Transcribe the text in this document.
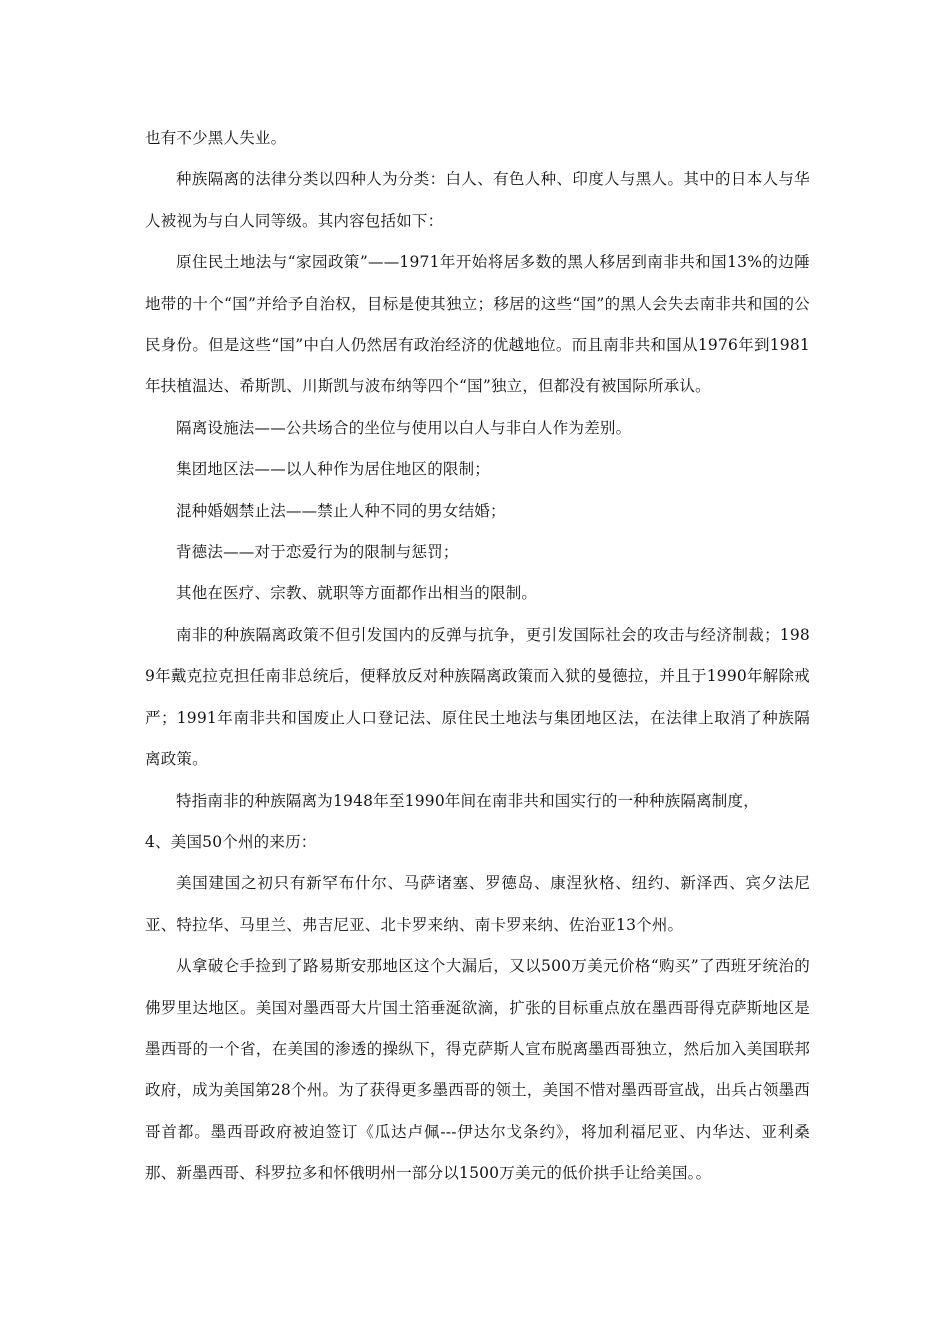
也有不少黑人失业。

种族隔离的法律分类以四种人为分类：白人、有色人种、印度人与黑人。其中的日本人与华人被视为与白人同等级。其内容包括如下：

原住民土地法与“家园政策”——1971年开始将居多数的黑人移居到南非共和国13%的边陲地带的十个“国”并给予自治权，目标是使其独立；移居的这些“国”的黑人会失去南非共和国的公民身份。但是这些“国”中白人仍然居有政治经济的优越地位。而且南非共和国从1976年到1981年扶植温达、希斯凯、川斯凯与波布纳等四个“国”独立，但都没有被国际所承认。

隔离设施法——公共场合的坐位与使用以白人与非白人作为差别。

集团地区法——以人种作为居住地区的限制；

混种婚姻禁止法——禁止人种不同的男女结婚；

背德法——对于恋爱行为的限制与惩罚；

其他在医疗、宗教、就职等方面都作出相当的限制。

南非的种族隔离政策不但引发国内的反弹与抗争，更引发国际社会的攻击与经济制裁；1989年戴克拉克担任南非总统后，便释放反对种族隔离政策而入狱的曼德拉，并且于1990年解除戒严；1991年南非共和国废止人口登记法、原住民土地法与集团地区法，在法律上取消了种族隔离政策。

特指南非的种族隔离为1948年至1990年间在南非共和国实行的一种种族隔离制度，

4、美国50个州的来历：

美国建国之初只有新罕布什尔、马萨诸塞、罗德岛、康涅狄格、纽约、新泽西、宾夕法尼亚、特拉华、马里兰、弗吉尼亚、北卡罗来纳、南卡罗来纳、佐治亚13个州。

从拿破仑手捡到了路易斯安那地区这个大漏后，又以500万美元价格“购买”了西班牙统治的佛罗里达地区。美国对墨西哥大片国土箔垂涎欲滴，扩张的目标重点放在墨西哥得克萨斯地区是墨西哥的一个省，在美国的渗透的操纵下，得克萨斯人宣布脱离墨西哥独立，然后加入美国联邦政府，成为美国第28个州。为了获得更多墨西哥的领土，美国不惜对墨西哥宣战，出兵占领墨西哥首都。墨西哥政府被迫签订《瓜达卢佩---伊达尔戈条约》，将加利福尼亚、内华达、亚利桑那、新墨西哥、科罗拉多和怀俄明州一部分以1500万美元的低价拱手让给美国。。
